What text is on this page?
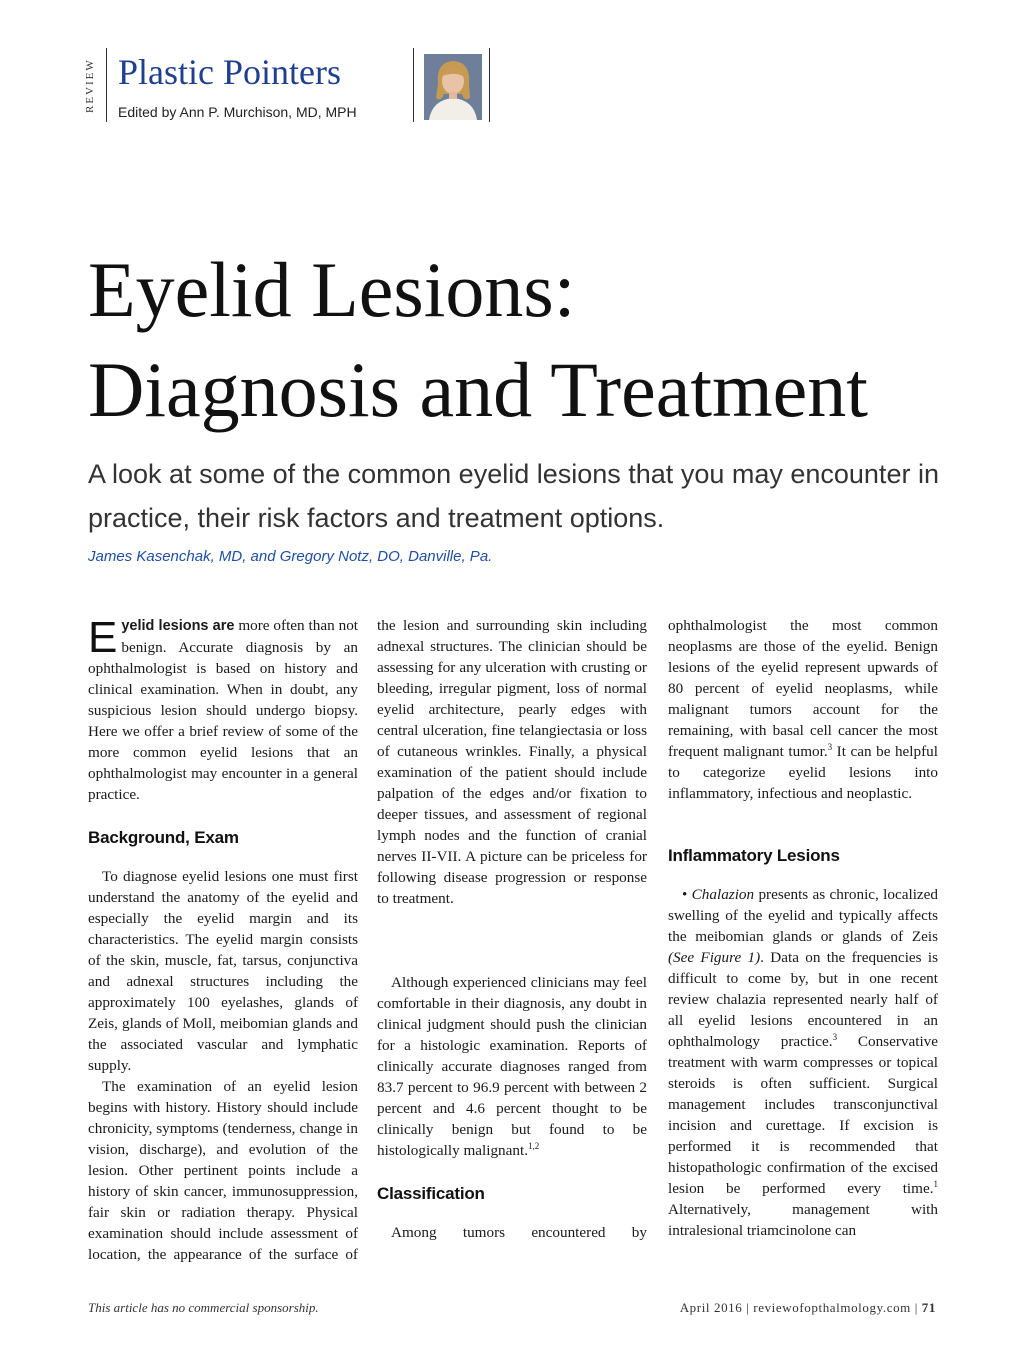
REVIEW Plastic Pointers
Edited by Ann P. Murchison, MD, MPH
Eyelid Lesions:
Diagnosis and Treatment
A look at some of the common eyelid lesions that you may encounter in practice, their risk factors and treatment options.
James Kasenchak, MD, and Gregory Notz, DO, Danville, Pa.

Eyelid lesions are more often than not benign. Accurate diagnosis by an ophthalmologist is based on history and clinical examination. When in doubt, any suspicious lesion should undergo biopsy. Here we offer a brief review of some of the more common eyelid lesions that an ophthalmologist may encounter in a general practice.

Background, Exam

To diagnose eyelid lesions one must first understand the anatomy of the eyelid and especially the eyelid margin and its characteristics. The eyelid margin consists of the skin, muscle, fat, tarsus, conjunctiva and adnexal structures including the approximately 100 eyelashes, glands of Zeis, glands of Moll, meibomian glands and the associated vascular and lymphatic supply.

The examination of an eyelid lesion begins with history. History should include chronicity, symptoms (tenderness, change in vision, discharge), and evolution of the lesion. Other pertinent points include a history of skin cancer, immunosuppression, fair skin or radiation therapy. Physical examination should include assessment of location, the appearance of the surface of

the lesion and surrounding skin including adnexal structures. The clinician should be assessing for any ulceration with crusting or bleeding, irregular pigment, loss of normal eyelid architecture, pearly edges with central ulceration, fine telangiectasia or loss of cutaneous wrinkles. Finally, a physical examination of the patient should include palpation of the edges and/or fixation to deeper tissues, and assessment of regional lymph nodes and the function of cranial nerves II-VII. A picture can be priceless for following disease progression or response to treatment.

Although experienced clinicians may feel comfortable in their diagnosis, any doubt in clinical judgment should push the clinician for a histologic examination. Reports of clinically accurate diagnoses ranged from 83.7 percent to 96.9 percent with between 2 percent and 4.6 percent thought to be clinically benign but found to be histologically malignant.$^{1,2}$

Classification

Among tumors encountered by

ophthalmologist the most common neoplasms are those of the eyelid. Benign lesions of the eyelid represent upwards of 80 percent of eyelid neoplasms, while malignant tumors account for the remaining, with basal cell cancer the most frequent malignant tumor.$^3$ It can be helpful to categorize eyelid lesions into inflammatory, infectious and neoplastic.

Inflammatory Lesions

• Chalazion presents as chronic, localized swelling of the eyelid and typically affects the meibomian glands or glands of Zeis (See Figure 1). Data on the frequencies is difficult to come by, but in one recent review chalazia represented nearly half of all eyelid lesions encountered in an ophthalmology practice.$^3$ Conservative treatment with warm compresses or topical steroids is often sufficient. Surgical management includes transconjunctival incision and curettage. If excision is performed it is recommended that histopathologic confirmation of the excised lesion be performed every time.$^1$ Alternatively, management with intralesional triamcinolone can

This article has no commercial sponsorship.	April 2016 | reviewofopthalmology.com | 71
